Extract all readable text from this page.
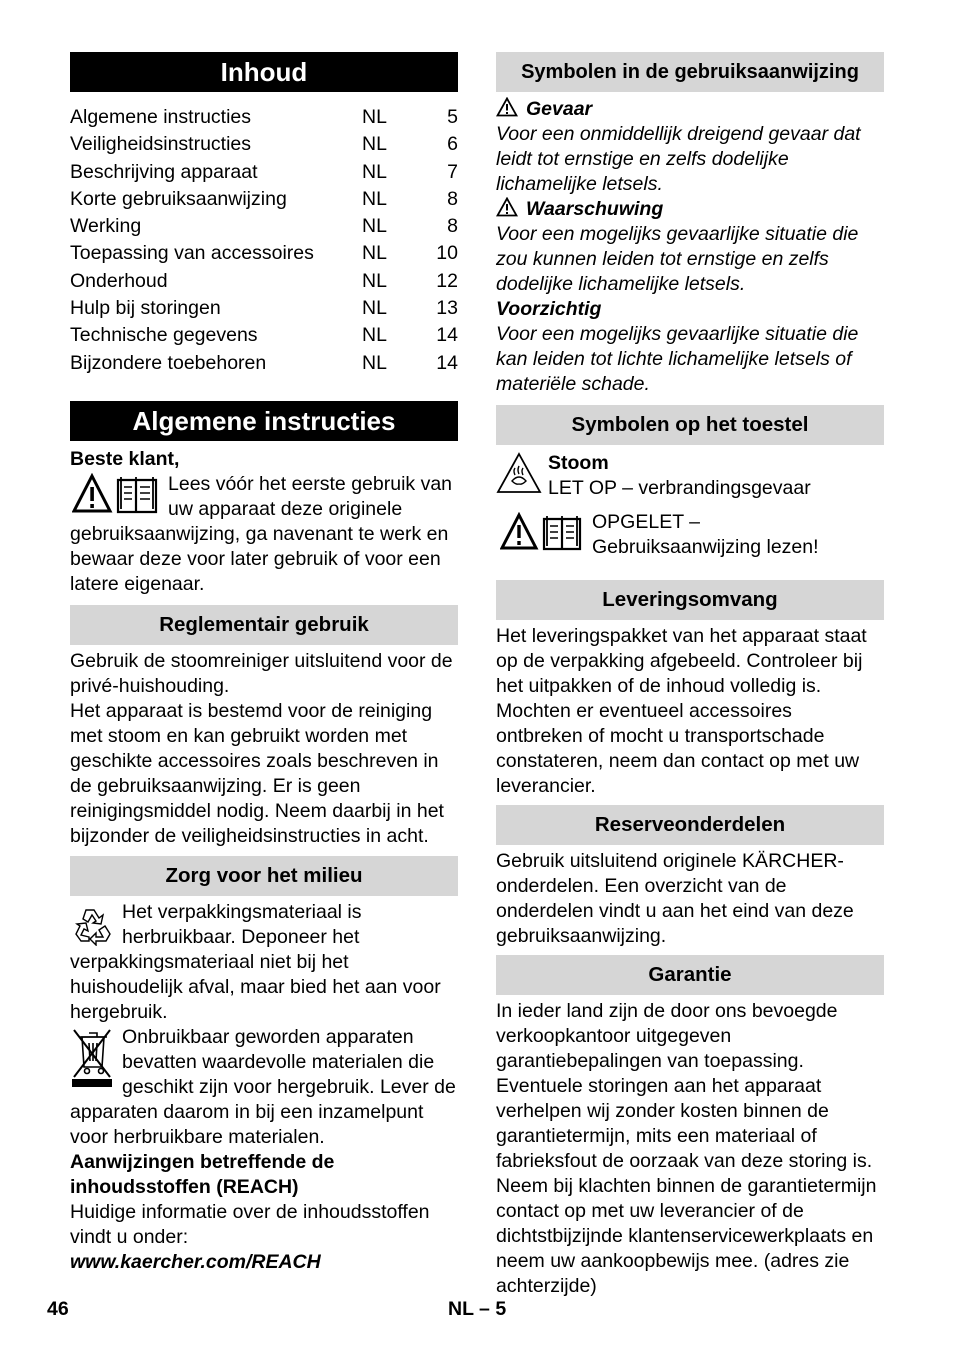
Inhoud
Algemene instructies	NL	5
Veiligheidsinstructies	NL	6
Beschrijving apparaat	NL	7
Korte gebruiksaanwijzing	NL	8
Werking	NL	8
Toepassing van accessoires	NL	10
Onderhoud	NL	12
Hulp bij storingen	NL	13
Technische gegevens	NL	14
Bijzondere toebehoren	NL	14
Algemene instructies

Beste klant,

Lees vóór het eerste gebruik van uw apparaat deze originele gebruiksaanwijzing, ga navenant te werk en bewaar deze voor later gebruik of voor een latere eigenaar.

Reglementair gebruik

Gebruik de stoomreiniger uitsluitend voor de privé-huishouding.

Het apparaat is bestemd voor de reiniging met stoom en kan gebruikt worden met geschikte accessoires zoals beschreven in de gebruiksaanwijzing. Er is geen reinigingsmiddel nodig. Neem daarbij in het bijzonder de veiligheidsinstructies in acht.

Zorg voor het milieu

Het verpakkingsmateriaal is herbruikbaar. Deponeer het verpakkingsmateriaal niet bij het huishoudelijk afval, maar bied het aan voor hergebruik.

Onbruikbaar geworden apparaten bevatten waardevolle materialen die geschikt zijn voor hergebruik. Lever de apparaten daarom in bij een inzamelpunt voor herbruikbare materialen.

Aanwijzingen betreffende de inhoudsstoffen (REACH)

Huidige informatie over de inhoudsstoffen vindt u onder:

www.kaercher.com/REACH

Symbolen in de gebruiksaanwijzing

Gevaar

Voor een onmiddellijk dreigend gevaar dat leidt tot ernstige en zelfs dodelijke lichamelijke letsels.

Waarschuwing

Voor een mogelijks gevaarlijke situatie die zou kunnen leiden tot ernstige en zelfs dodelijke lichamelijke letsels.

Voorzichtig

Voor een mogelijks gevaarlijke situatie die kan leiden tot lichte lichamelijke letsels of materiële schade.

Symbolen op het toestel

Stoom

LET OP – verbrandingsgevaar

OPGELET – Gebruiksaanwijzing lezen!

Leveringsomvang

Het leveringspakket van het apparaat staat op de verpakking afgebeeld. Controleer bij het uitpakken of de inhoud volledig is. Mochten er eventueel accessoires ontbreken of mocht u transportschade constateren, neem dan contact op met uw leverancier.

Reserveonderdelen

Gebruik uitsluitend originele KÄRCHER-onderdelen. Een overzicht van de onderdelen vindt u aan het eind van deze gebruiksaanwijzing.

Garantie

In ieder land zijn de door ons bevoegde verkoopkantoor uitgegeven garantiebepalingen van toepassing. Eventuele storingen aan het apparaat verhelpen wij zonder kosten binnen de garantietermijn, mits een materiaal of fabrieksfout de oorzaak van deze storing is. Neem bij klachten binnen de garantietermijn contact op met uw leverancier of de dichtstbijzijnde klantenservicewerkplaats en neem uw aankoopbewijs mee. (adres zie achterzijde)

46	NL – 5
